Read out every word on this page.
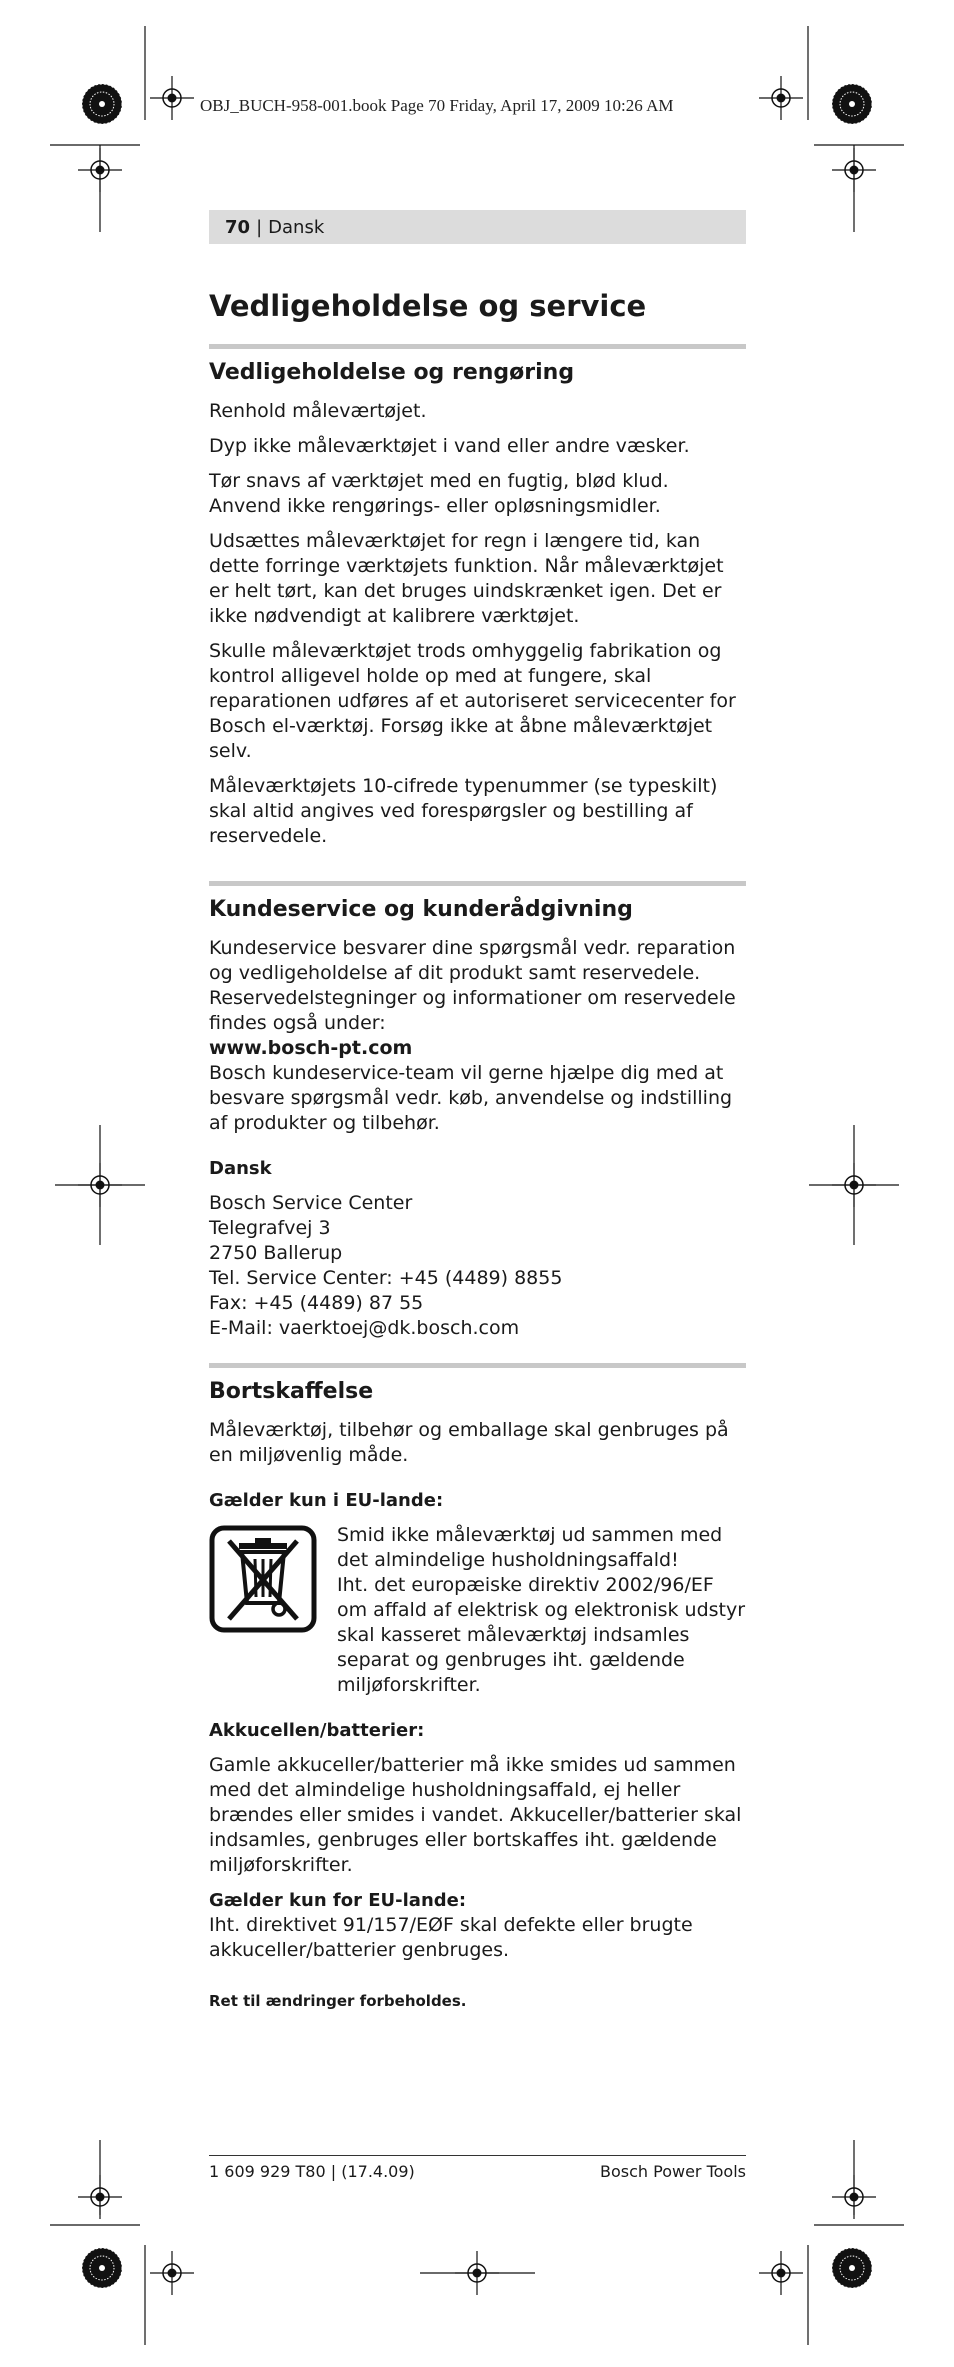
OBJ_BUCH-958-001.book Page 70 Friday, April 17, 2009 10:26 AM
70 | Dansk
Vedligeholdelse og service
Vedligeholdelse og rengøring

Renhold måleværtøjet.

Dyp ikke måleværktøjet i vand eller andre væsker.

Tør snavs af værktøjet med en fugtig, blød klud. Anvend ikke rengørings- eller opløsningsmidler.

Udsættes måleværktøjet for regn i længere tid, kan dette forringe værktøjets funktion. Når måleværktøjet er helt tørt, kan det bruges uindskrænket igen. Det er ikke nødvendigt at kalibrere værktøjet.

Skulle måleværktøjet trods omhyggelig fabrikation og kontrol alligevel holde op med at fungere, skal reparationen udføres af et autoriseret servicecenter for Bosch el-værktøj. Forsøg ikke at åbne måleværktøjet selv.

Måleværktøjets 10-cifrede typenummer (se typeskilt) skal altid angives ved forespørgsler og bestilling af reservedele.

Kundeservice og kunderådgivning

Kundeservice besvarer dine spørgsmål vedr. reparation og vedligeholdelse af dit produkt samt reservedele. Reservedelstegninger og informationer om reservedele findes også under:

www.bosch-pt.com

Bosch kundeservice-team vil gerne hjælpe dig med at besvare spørgsmål vedr. køb, anvendelse og indstilling af produkter og tilbehør.

Dansk
Bosch Service Center
Telegrafvej 3
2750 Ballerup
Tel. Service Center: +45 (4489) 8855
Fax: +45 (4489) 87 55
E-Mail: vaerktoej@dk.bosch.com
Bortskaffelse

Måleværktøj, tilbehør og emballage skal genbruges på en miljøvenlig måde.

Gælder kun i EU-lande:
Smid ikke måleværktøj ud sammen med det almindelige husholdningsaffald!
Iht. det europæiske direktiv 2002/96/EF om affald af elektrisk og elektronisk udstyr skal kasseret måleværktøj indsamles separat og genbruges iht. gældende miljøforskrifter.
Akkucellen/batterier:

Gamle akkuceller/batterier må ikke smides ud sammen med det almindelige husholdningsaffald, ej heller brændes eller smides i vandet. Akkuceller/batterier skal indsamles, genbruges eller bortskaffes iht. gældende miljøforskrifter.

Gælder kun for EU-lande:

Iht. direktivet 91/157/EØF skal defekte eller brugte akkuceller/batterier genbruges.

Ret til ændringer forbeholdes.
1 609 929 T80 | (17.4.09)	Bosch Power Tools
